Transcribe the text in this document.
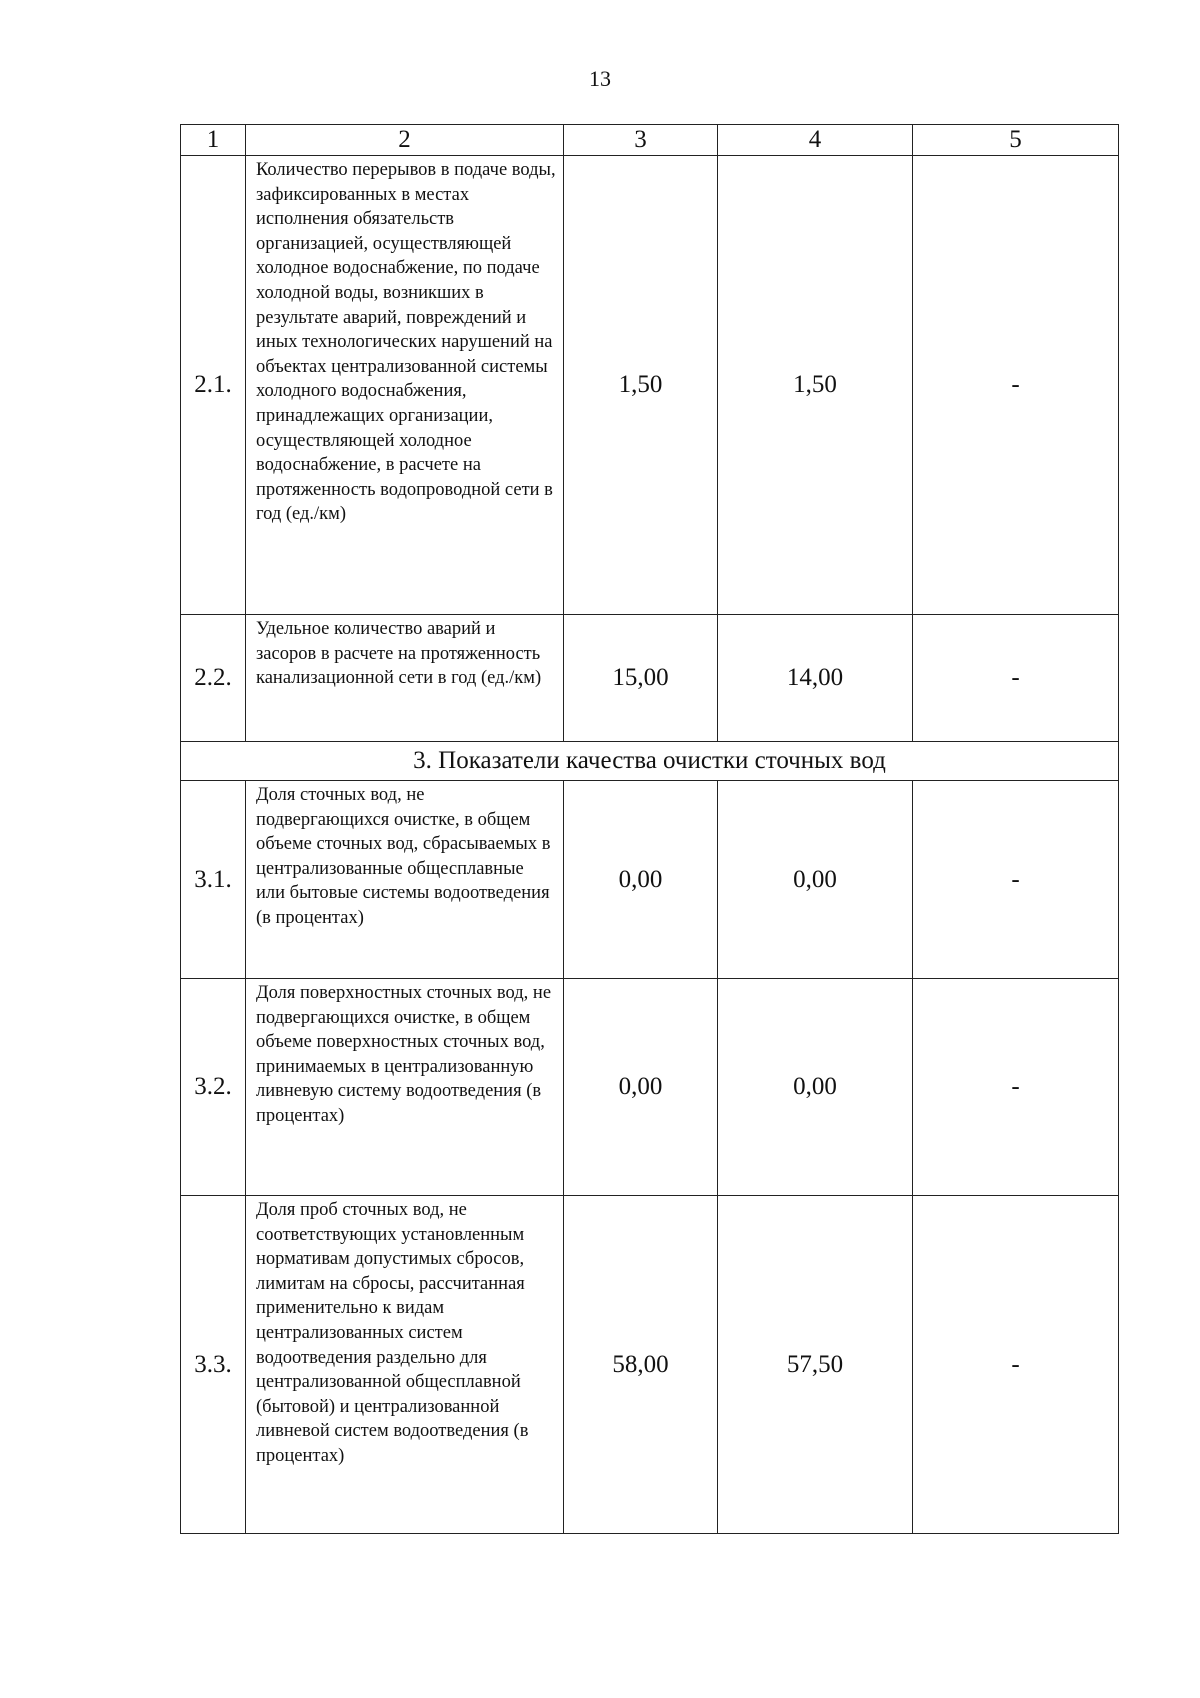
13
1	2	3	4	5
2.1.	Количество перерывов в подаче воды, зафиксированных в местах исполнения обязательств организацией, осуществляющей холодное водоснабжение, по подаче холодной воды, возникших в результате аварий, повреждений и иных технологических нарушений на объектах централизованной системы холодного водоснабжения, принадлежащих организации, осуществляющей холодное водоснабжение, в расчете на протяженность водопроводной сети в год (ед./км)	1,50	1,50	-
2.2.	Удельное количество аварий и засоров в расчете на протяженность канализационной сети в год (ед./км)	15,00	14,00	-
3. Показатели качества очистки сточных вод				
3.1.	Доля сточных вод, не подвергающихся очистке, в общем объеме сточных вод, сбрасываемых в централизованные общесплавные или бытовые системы водоотведения (в процентах)	0,00	0,00	-
3.2.	Доля поверхностных сточных вод, не подвергающихся очистке, в общем объеме поверхностных сточных вод, принимаемых в централизованную ливневую систему водоотведения (в процентах)	0,00	0,00	-
3.3.	Доля проб сточных вод, не соответствующих установленным нормативам допустимых сбросов, лимитам на сбросы, рассчитанная применительно к видам централизованных систем водоотведения раздельно для централизованной общесплавной (бытовой) и централизованной ливневой систем водоотведения (в процентах)	58,00	57,50	-
